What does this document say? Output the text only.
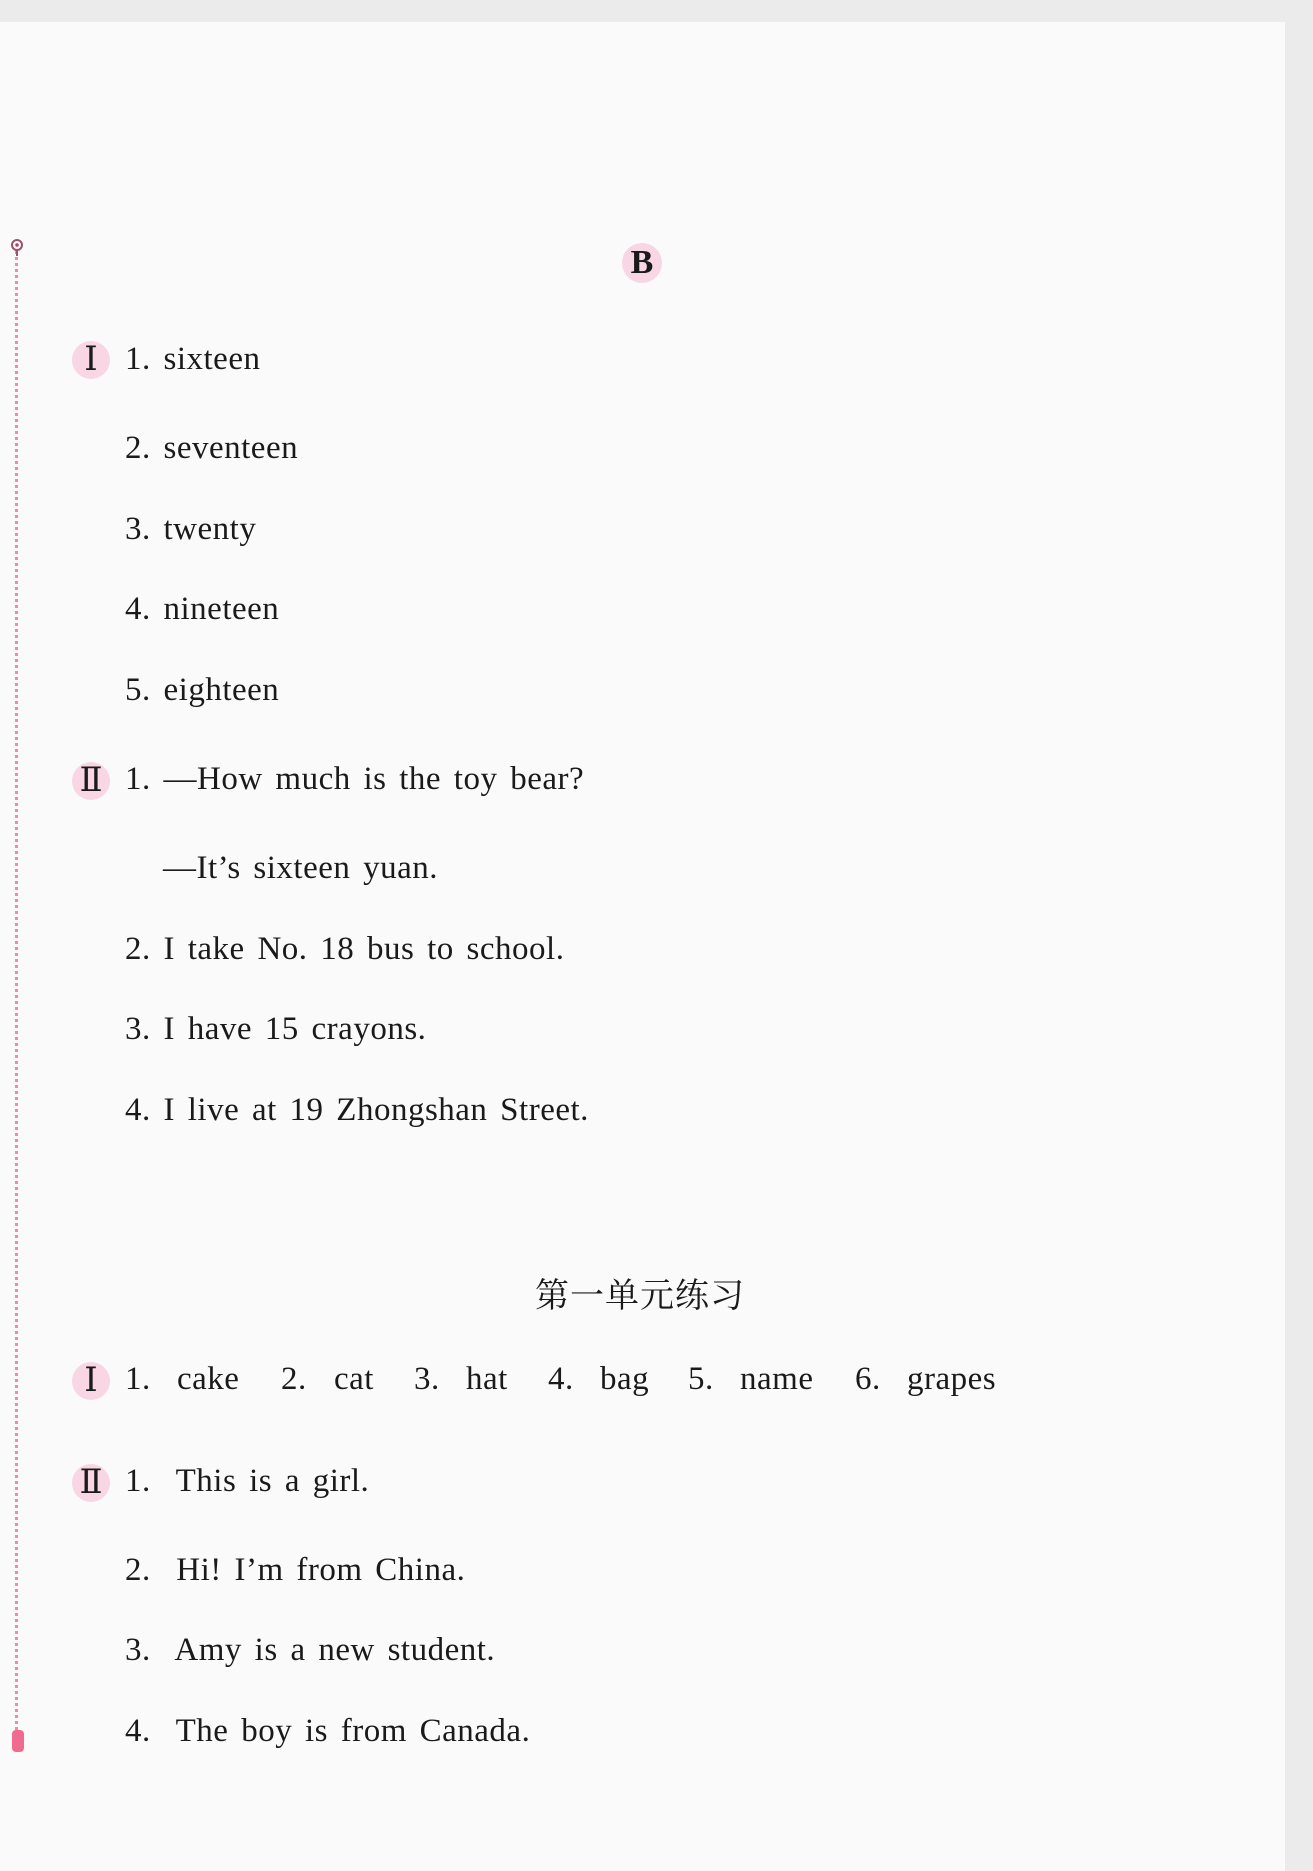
B
Ⅰ 1. sixteen
2. seventeen
3. twenty
4. nineteen
5. eighteen
Ⅱ 1. —How much is the toy bear?
—It’s sixteen yuan.
2. I take No. 18 bus to school.
3. I have 15 crayons.
4. I live at 19 Zhongshan Street.
第一单元练习
Ⅰ 1. cake 2. cat 3. hat 4. bag 5. name 6. grapes
Ⅱ 1.  This is a girl.
2.  Hi! I’m from China.
3.  Amy is a new student.
4.  The boy is from Canada.
